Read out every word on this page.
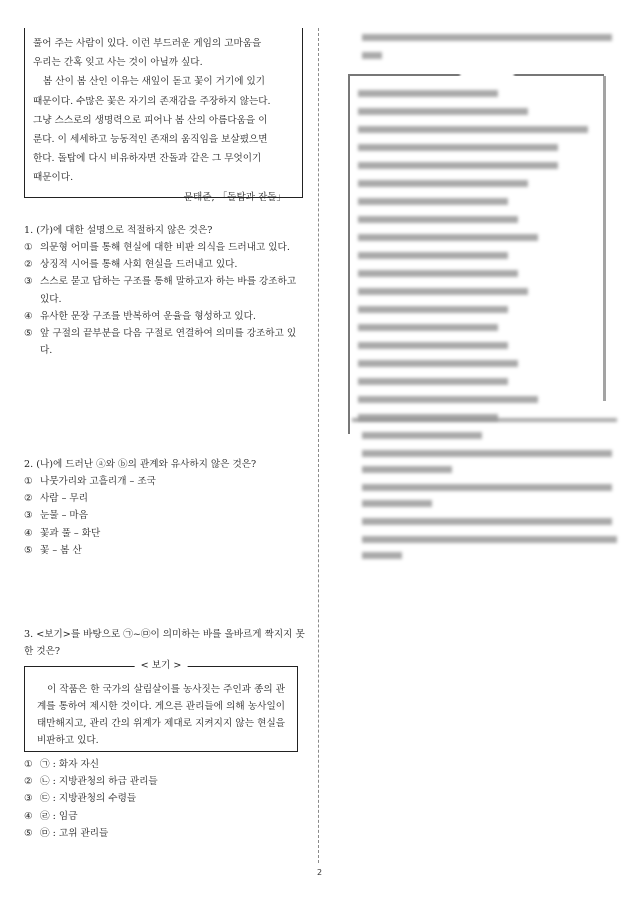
풀어 주는 사람이 있다. 이런 부드러운 게임의 고마움을

우리는 간혹 잊고 사는 것이 아닐까 싶다.

봄 산이 봄 산인 이유는 새잎이 돋고 꽃이 거기에 있기

때문이다. 수많은 꽃은 자기의 존재감을 주장하지 않는다.

그냥 스스로의 생명력으로 피어나 봄 산의 아름다움을 이

룬다. 이 세세하고 능동적인 존재의 움직임을 보살폈으면

한다. 돌탑에 다시 비유하자면 잔돌과 같은 그 무엇이기

때문이다.

– 문태준, 「돌탑과 잔돌」 –

1. (가)에 대한 설명으로 적절하지 않은 것은?

① 의문형 어미를 통해 현실에 대한 비판 의식을 드러내고 있다.

② 상징적 시어를 통해 사회 현실을 드러내고 있다.

③ 스스로 묻고 답하는 구조를 통해 말하고자 하는 바를 강조하고 있다.

④ 유사한 문장 구조를 반복하여 운율을 형성하고 있다.

⑤ 앞 구절의 끝부분을 다음 구절로 연결하여 의미를 강조하고 있다.

2. (나)에 드러난 ⓐ와 ⓑ의 관계와 유사하지 않은 것은?

① 나뭇가리와 고흘리개 – 조국

② 사람 – 무리

③ 눈물 – 마음

④ 꽃과 풀 – 화단

⑤ 꽃 – 봄 산

3. <보기>를 바탕으로 ㉠~㉤이 의미하는 바를 올바르게 짝지지 못한 것은?

< 보기 >

이 작품은 한 국가의 살림살이를 농사짓는 주인과 종의 관계를 통하여 제시한 것이다. 게으른 관리들에 의해 농사일이 태만해지고, 관리 간의 위계가 제대로 지켜지지 않는 현실을 비판하고 있다.

① ㉠ : 화자 자신

② ㉡ : 지방관청의 하급 관리들

③ ㉢ : 지방관청의 수령들

④ ㉣ : 임금

⑤ ㉤ : 고위 관리들

2
